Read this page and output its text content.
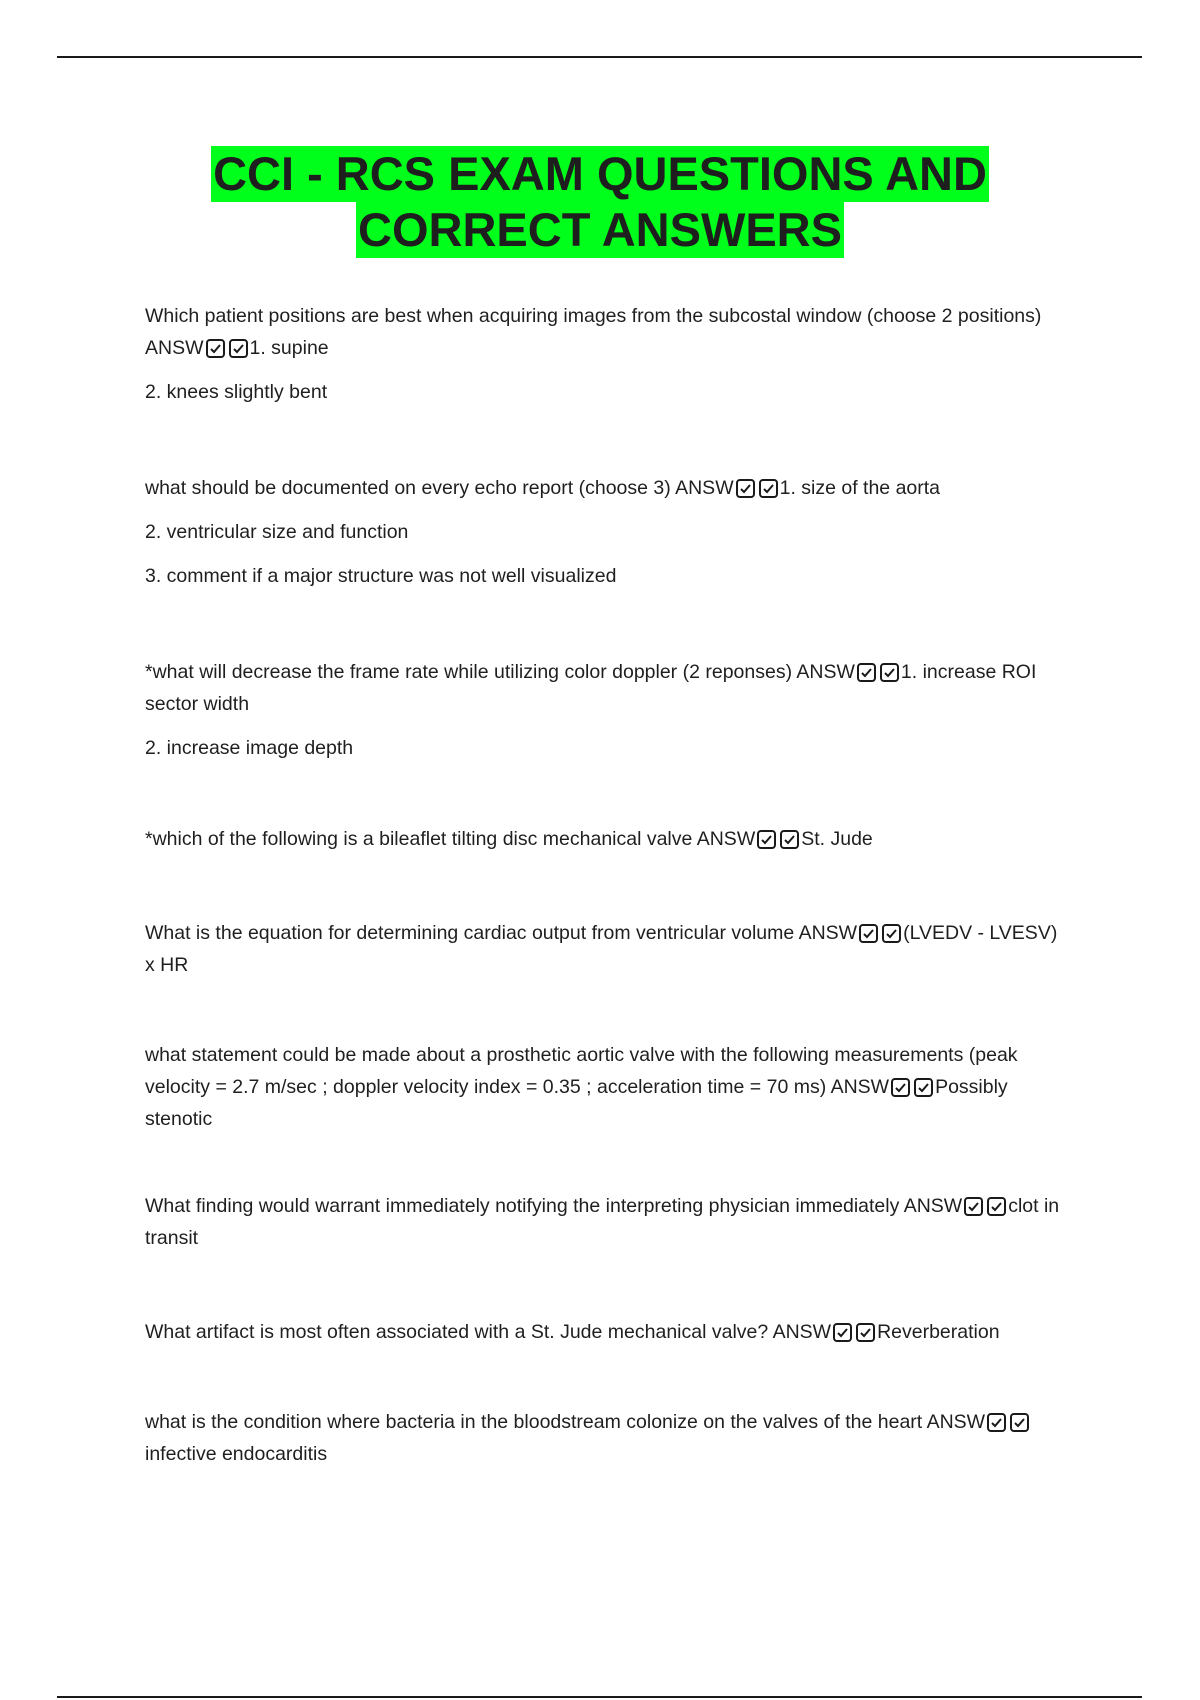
CCI - RCS EXAM QUESTIONS AND
CORRECT ANSWERS

Which patient positions are best when acquiring images from the subcostal window (choose 2 positions) ANSW 1. supine

2. knees slightly bent

what should be documented on every echo report (choose 3) ANSW 1. size of the aorta

2. ventricular size and function

3. comment if a major structure was not well visualized

*what will decrease the frame rate while utilizing color doppler (2 reponses) ANSW 1. increase ROI sector width

2. increase image depth

*which of the following is a bileaflet tilting disc mechanical valve ANSW St. Jude

What is the equation for determining cardiac output from ventricular volume ANSW (LVEDV - LVESV) x HR

what statement could be made about a prosthetic aortic valve with the following measurements (peak velocity = 2.7 m/sec ; doppler velocity index = 0.35 ; acceleration time = 70 ms) ANSW Possibly stenotic

What finding would warrant immediately notifying the interpreting physician immediately ANSW clot in transit

What artifact is most often associated with a St. Jude mechanical valve? ANSW Reverberation

what is the condition where bacteria in the bloodstream colonize on the valves of the heart ANSW
infective endocarditis
